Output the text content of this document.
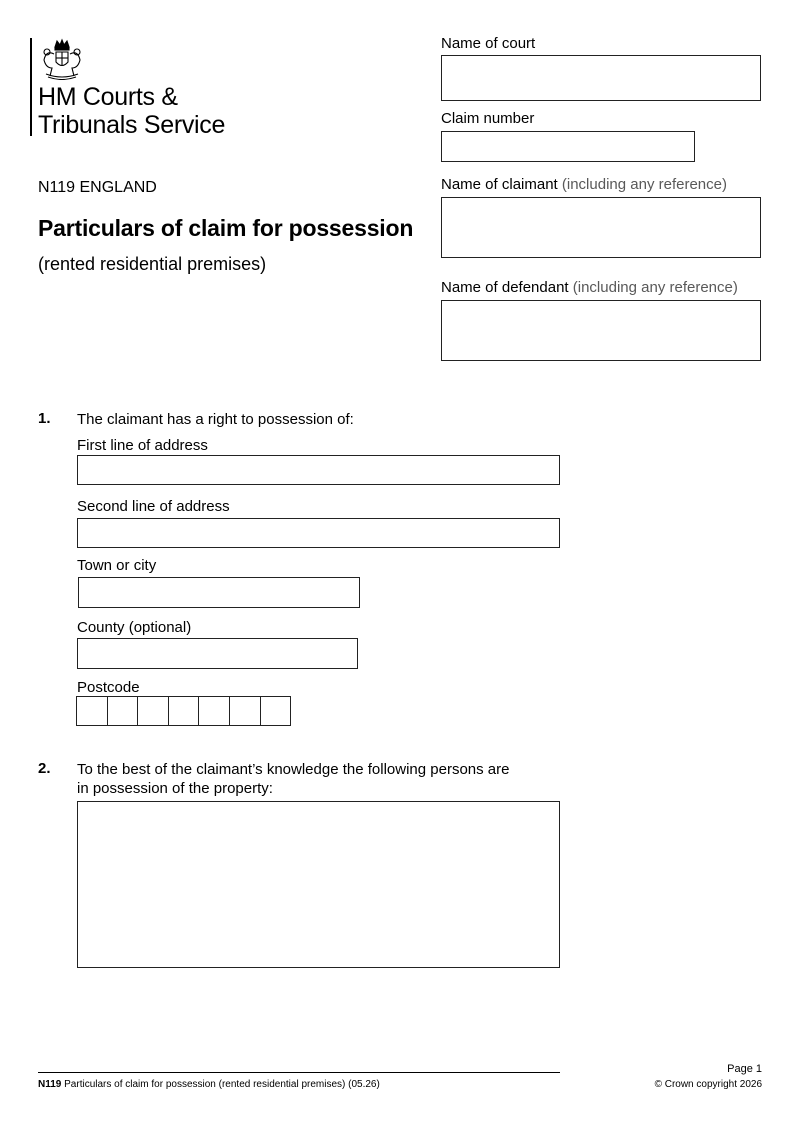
HM Courts &
Tribunals Service
N119 ENGLAND
Particulars of claim for possession
(rented residential premises)
Name of court
Claim number
Name of claimant (including any reference)
Name of defendant (including any reference)
1. The claimant has a right to possession of:
First line of address
Second line of address
Town or city
County (optional)
Postcode
2. To the best of the claimant’s knowledge the following persons are
in possession of the property:
Page 1
N119 Particulars of claim for possession (rented residential premises) (05.26)	© Crown copyright 2026
